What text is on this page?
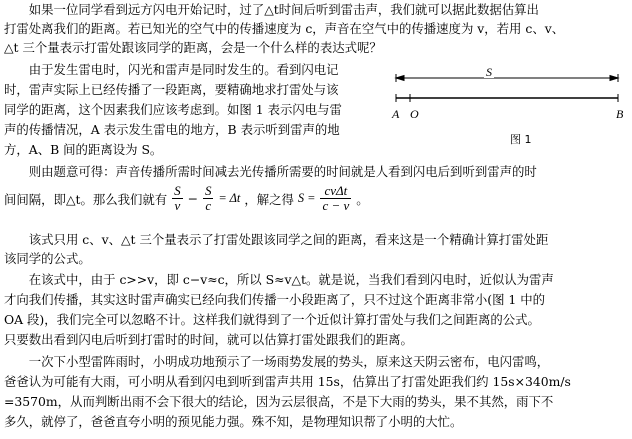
　　如果一位同学看到远方闪电开始记时，过了△t时间后听到雷击声，我们就可以据此数据估算出
打雷处离我们的距离。若已知光的空气中的传播速度为 c，声音在空气中的传播速度为 v，若用 c、v、
△t 三个量表示打雷处跟该同学的距离，会是一个什么样的表达式呢？
　　由于发生雷电时，闪光和雷声是同时发生的。看到闪电记
时，雷声实际上已经传播了一段距离，要精确地求打雷处与该
同学的距离，这个因素我们应该考虑到。如图 1 表示闪电与雷
声的传播情况，A 表示发生雷电的地方，B 表示听到雷声的地
方，A、B 间的距离设为 S。
S
A O	B
图 1
　　则由题意可得：声音传播所需时间减去光传播所需要的时间就是人看到闪电后到听到雷声的时
间间隔，即△t。那么我们就有 $\frac{S}{v} - \frac{S}{c} = \Delta t$ ，解之得 $S = \frac{\text{cvΔt}}{c - v}$ 。
　　该式只用 c、v、△t 三个量表示了打雷处跟该同学之间的距离，看来这是一个精确计算打雷处距
该同学的公式。
　　在该式中，由于 c>>v，即 c−v≈c，所以 S≈v△t。就是说，当我们看到闪电时，近似认为雷声
才向我们传播，其实这时雷声确实已经向我们传播一小段距离了，只不过这个距离非常小(图 1 中的
OA 段)，我们完全可以忽略不计。这样我们就得到了一个近似计算打雷处与我们之间距离的公式。
只要数出看到闪电后听到打雷时的时间，就可以估算打雷处跟我们的距离。
　　一次下小型雷阵雨时，小明成功地预示了一场雨势发展的势头，原来这天阴云密布，电闪雷鸣，
爸爸认为可能有大雨，可小明从看到闪电到听到雷声共用 15s，估算出了打雷处距我们约 15s×340m/s
=3570m，从而判断出雨不会下很大的结论，因为云层很高，不是下大雨的势头，果不其然，雨下不
多久，就停了，爸爸直夸小明的预见能力强。殊不知，是物理知识帮了小明的大忙。
